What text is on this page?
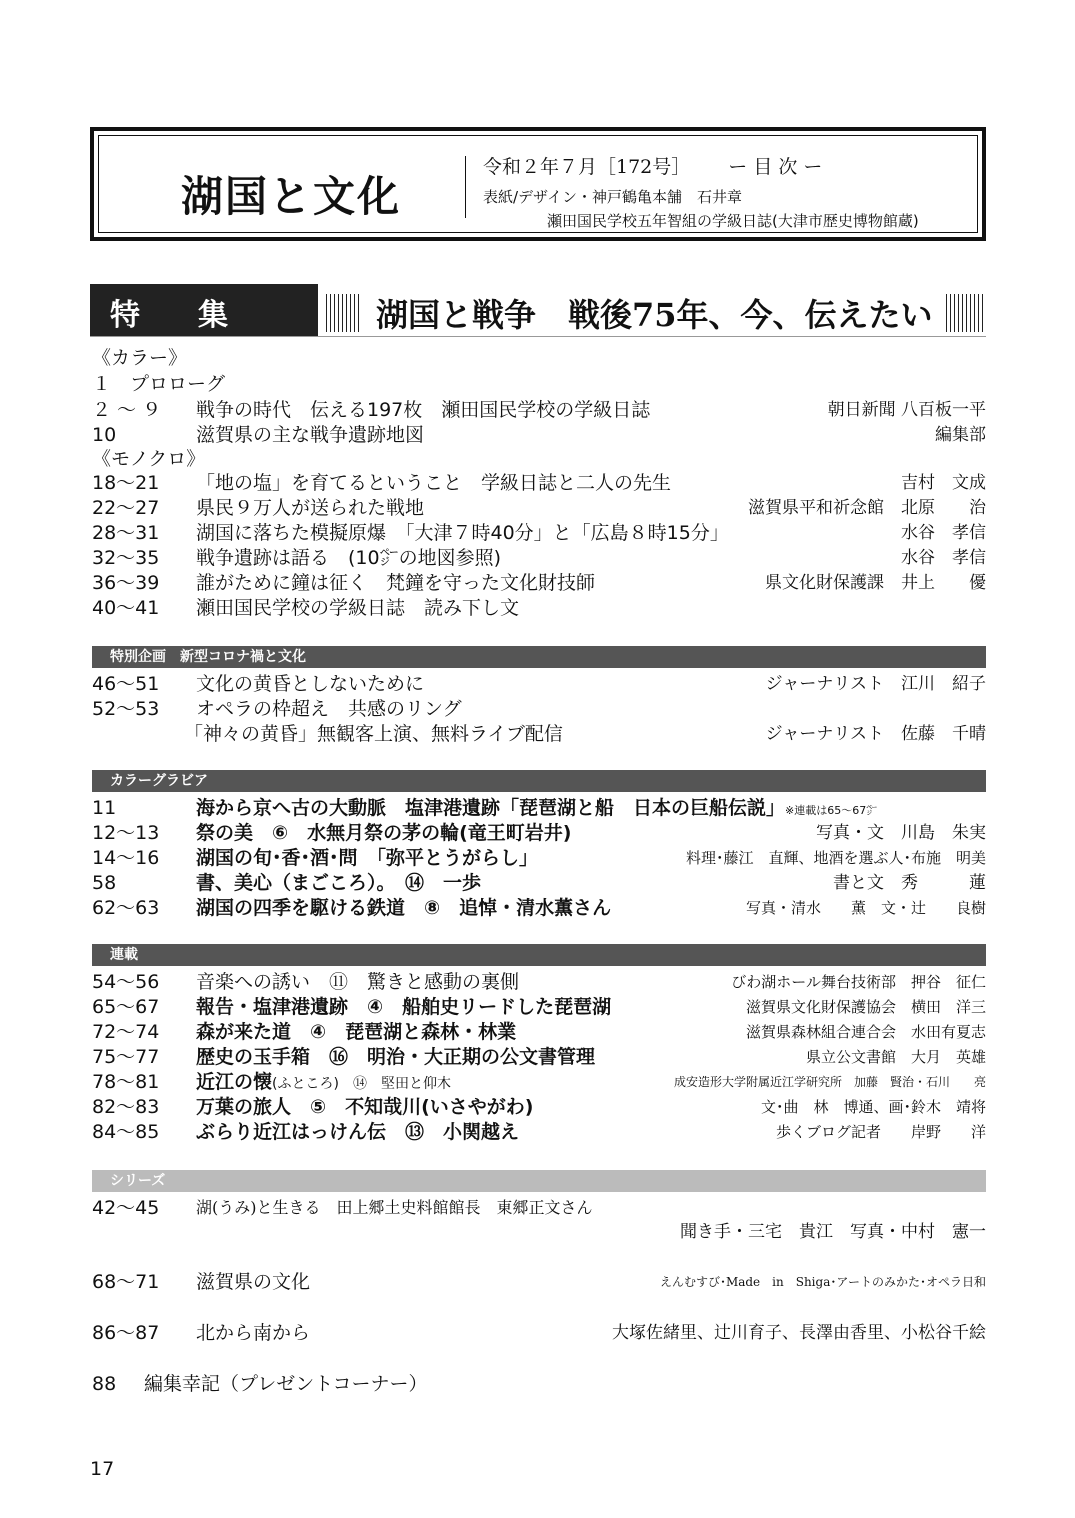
湖国と文化
令和２年７月［172号］ ー 目 次 ー
表紙/デザイン・神戸鶴亀本舗　石井章
瀬田国民学校五年智組の学級日誌(大津市歴史博物館蔵)
特　集	湖国と戦争　戦後75年、今、伝えたい
《カラー》
１　プロローグ
２ ～ ９ 戦争の時代　伝える197枚　瀬田国民学校の学級日誌	朝日新聞 八百板一平
10	滋賀県の主な戦争遺跡地図	編集部
《モノクロ》
18～21 「地の塩」を育てるということ　学級日誌と二人の先生	吉村　文成
22～27 県民９万人が送られた戦地	滋賀県平和祈念館　北原　　治
28～31 湖国に落ちた模擬原爆　「大津７時40分」と「広島８時15分」	水谷　孝信
32～35 戦争遺跡は語る　(10㌻の地図参照)	水谷　孝信
36～39 誰がために鐘は征く　梵鐘を守った文化財技師	県文化財保護課　井上　　優
40～41 瀬田国民学校の学級日誌　読み下し文
特別企画　新型コロナ禍と文化
46～51 文化の黄昏としないために	ジャーナリスト　江川　紹子
52～53 オペラの枠超え　共感のリング
「神々の黄昏」無観客上演、無料ライブ配信	ジャーナリスト　佐藤　千晴
カラーグラビア
11	海から京へ古の大動脈　塩津港遺跡「琵琶湖と船　日本の巨船伝説」※連載は65～67㌻
12～13 祭の美　⑥　水無月祭の茅の輪(竜王町岩井)	写真・文　川島　朱実
14～16 湖国の旬･香･酒･問　「弥平とうがらし」	料理･藤江　直輝、地酒を選ぶ人･布施　明美
58	書、美心（まごころ）。　⑭　一歩	書と文　秀　　　蓮
62～63 湖国の四季を駆ける鉄道　⑧　追悼・清水薫さん	写真・清水　　薫　文・辻　　良樹
連載
54～56 音楽への誘い　⑪　驚きと感動の裏側	びわ湖ホール舞台技術部　押谷　征仁
65～67 報告・塩津港遺跡　④　船舶史リードした琵琶湖	滋賀県文化財保護協会　横田　洋三
72～74 森が来た道　④　琵琶湖と森林・林業	滋賀県森林組合連合会　水田有夏志
75～77 歴史の玉手箱　⑯　明治・大正期の公文書管理	県立公文書館　大月　英雄
78～81 近江の懐(ふところ)　⑭　堅田と仰木	成安造形大学附属近江学研究所　加藤　賢治・石川　　亮
82～83 万葉の旅人　⑤　不知哉川(いさやがわ)	文･曲　林　博通、画･鈴木　靖将
84～85 ぶらり近江はっけん伝　⑬　小関越え	歩くブログ記者　　岸野　　洋
シリーズ
42～45 湖(うみ)と生きる　田上郷土史料館館長　東郷正文さん
聞き手・三宅　貴江　写真・中村　憲一
68～71 滋賀県の文化	えんむすび･Made　in　Shiga･アートのみかた･オペラ日和
86～87 北から南から	大塚佐緒里、辻川育子、長澤由香里、小松谷千絵
88 編集幸記（プレゼントコーナー）
17
